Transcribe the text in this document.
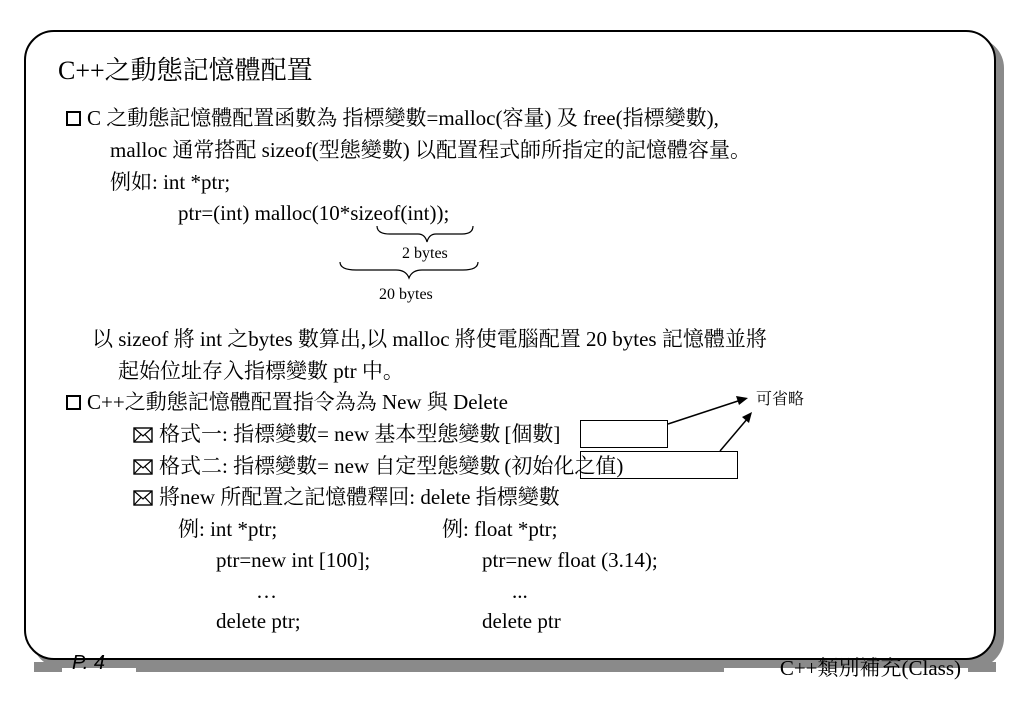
C++之動態記憶體配置
C 之動態記憶體配置函數為 指標變數=malloc(容量) 及 free(指標變數),
malloc 通常搭配 sizeof(型態變數) 以配置程式師所指定的記憶體容量。
例如: int *ptr;
ptr=(int) malloc(10*sizeof(int));
2 bytes
20 bytes
以 sizeof 將 int 之bytes 數算出,以 malloc 將使電腦配置 20 bytes 記憶體並將
起始位址存入指標變數 ptr 中。
C++之動態記憶體配置指令為為 New 與 Delete	可省略
格式一: 指標變數= new 基本型態變數 [個數]
格式二: 指標變數= new 自定型態變數 (初始化之值)
將new 所配置之記憶體釋回: delete 指標變數
例: int *ptr;
ptr=new int [100];
…
delete ptr;
例: float *ptr;
ptr=new float (3.14);
...
delete ptr
P. 4	C++類別補充(Class)
